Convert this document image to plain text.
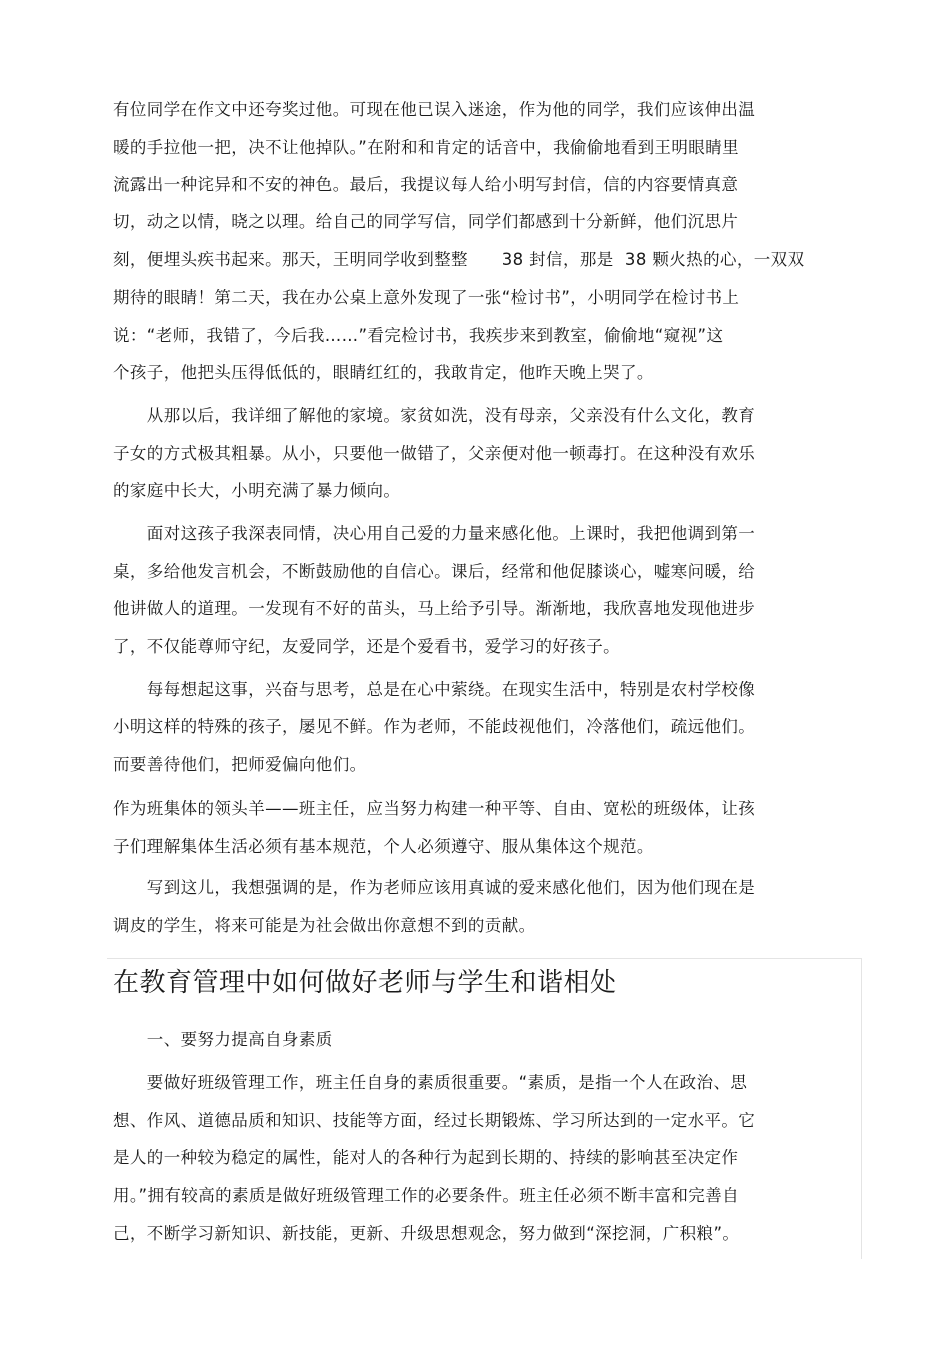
有位同学在作文中还夸奖过他。可现在他已误入迷途，作为他的同学，我们应该伸出温
暖的手拉他一把，决不让他掉队。”在附和和肯定的话音中，我偷偷地看到王明眼睛里
流露出一种诧异和不安的神色。最后，我提议每人给小明写封信，信的内容要情真意
切，动之以情，晓之以理。给自己的同学写信，同学们都感到十分新鲜，他们沉思片
刻，便埋头疾书起来。那天，王明同学收到整整　　38 封信，那是  38 颗火热的心，一双双
期待的眼睛！第二天，我在办公桌上意外发现了一张“检讨书”，小明同学在检讨书上
说：“老师，我错了，今后我……”看完检讨书，我疾步来到教室，偷偷地“窥视”这
个孩子，他把头压得低低的，眼睛红红的，我敢肯定，他昨天晚上哭了。
　　从那以后，我详细了解他的家境。家贫如洗，没有母亲，父亲没有什么文化，教育
子女的方式极其粗暴。从小，只要他一做错了，父亲便对他一顿毒打。在这种没有欢乐
的家庭中长大，小明充满了暴力倾向。
　　面对这孩子我深表同情，决心用自己爱的力量来感化他。上课时，我把他调到第一
桌，多给他发言机会，不断鼓励他的自信心。课后，经常和他促膝谈心，嘘寒问暖，给
他讲做人的道理。一发现有不好的苗头，马上给予引导。渐渐地，我欣喜地发现他进步
了，不仅能尊师守纪，友爱同学，还是个爱看书，爱学习的好孩子。
　　每每想起这事，兴奋与思考，总是在心中萦绕。在现实生活中，特别是农村学校像
小明这样的特殊的孩子，屡见不鲜。作为老师，不能歧视他们，冷落他们，疏远他们。
而要善待他们，把师爱偏向他们。
作为班集体的领头羊——班主任，应当努力构建一种平等、自由、宽松的班级体，让孩
子们理解集体生活必须有基本规范，个人必须遵守、服从集体这个规范。
　　写到这儿，我想强调的是，作为老师应该用真诚的爱来感化他们，因为他们现在是
调皮的学生，将来可能是为社会做出你意想不到的贡献。
在教育管理中如何做好老师与学生和谐相处
　　一、要努力提高自身素质
　　要做好班级管理工作，班主任自身的素质很重要。“素质，是指一个人在政治、思
想、作风、道德品质和知识、技能等方面，经过长期锻炼、学习所达到的一定水平。它
是人的一种较为稳定的属性，能对人的各种行为起到长期的、持续的影响甚至决定作
用。”拥有较高的素质是做好班级管理工作的必要条件。班主任必须不断丰富和完善自
己，不断学习新知识、新技能，更新、升级思想观念，努力做到“深挖洞，广积粮”。
